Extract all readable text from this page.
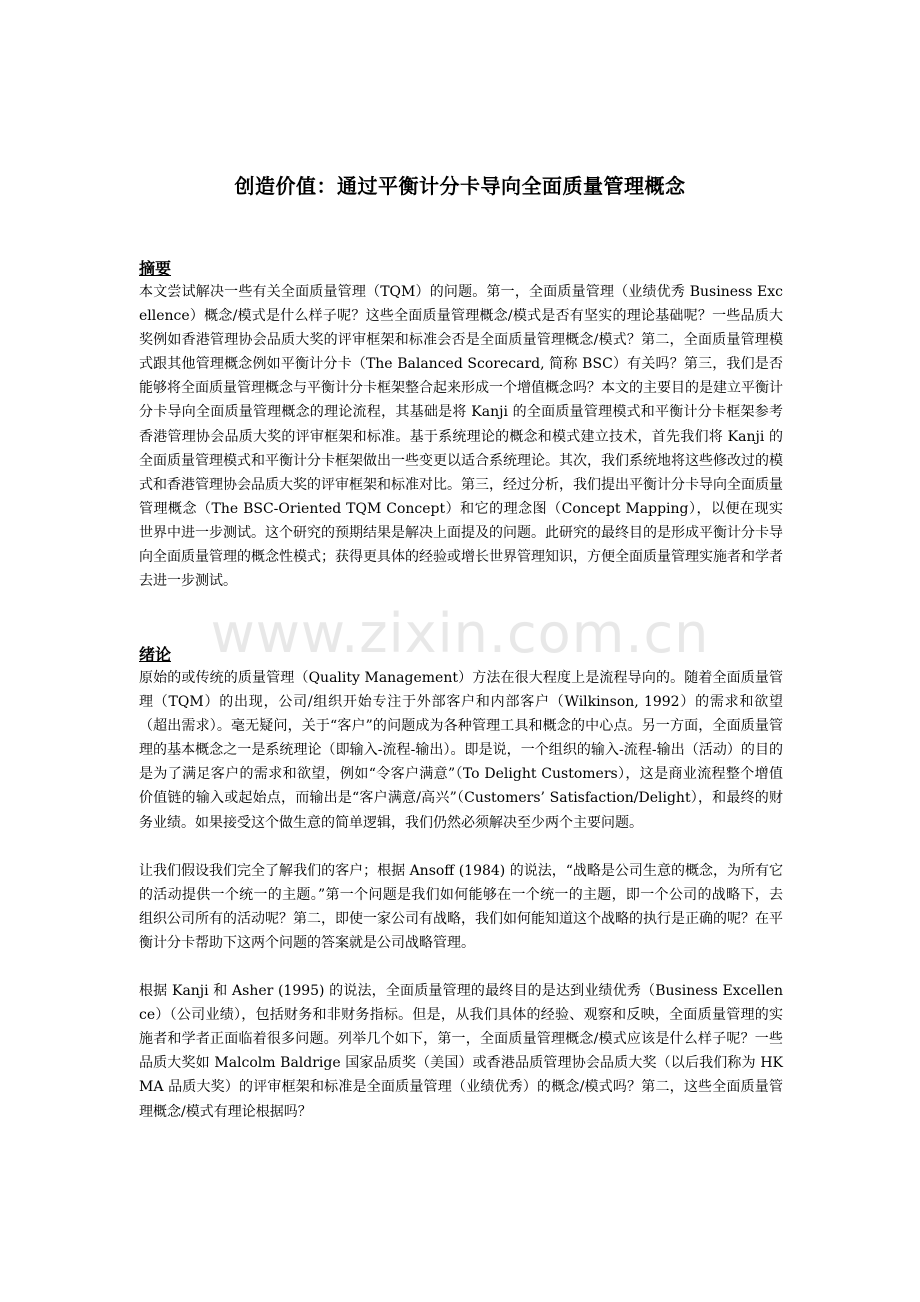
创造价值：通过平衡计分卡导向全面质量管理概念
摘要

本文尝试解决一些有关全面质量管理（TQM）的问题。第一，全面质量管理（业绩优秀 Business Excellence）概念/模式是什么样子呢？这些全面质量管理概念/模式是否有坚实的理论基础呢？一些品质大奖例如香港管理协会品质大奖的评审框架和标准会否是全面质量管理概念/模式？第二，全面质量管理模式跟其他管理概念例如平衡计分卡（The Balanced Scorecard, 简称 BSC）有关吗？第三，我们是否能够将全面质量管理概念与平衡计分卡框架整合起来形成一个增值概念吗？本文的主要目的是建立平衡计分卡导向全面质量管理概念的理论流程，其基础是将 Kanji 的全面质量管理模式和平衡计分卡框架参考香港管理协会品质大奖的评审框架和标准。基于系统理论的概念和模式建立技术，首先我们将 Kanji 的全面质量管理模式和平衡计分卡框架做出一些变更以适合系统理论。其次，我们系统地将这些修改过的模式和香港管理协会品质大奖的评审框架和标准对比。第三，经过分析，我们提出平衡计分卡导向全面质量管理概念（The BSC-Oriented TQM Concept）和它的理念图（Concept Mapping），以便在现实世界中进一步测试。这个研究的预期结果是解决上面提及的问题。此研究的最终目的是形成平衡计分卡导向全面质量管理的概念性模式；获得更具体的经验或增长世界管理知识，方便全面质量管理实施者和学者去进一步测试。

www.zixin.com.cn
绪论

原始的或传统的质量管理（Quality Management）方法在很大程度上是流程导向的。随着全面质量管理（TQM）的出现，公司/组织开始专注于外部客户和内部客户（Wilkinson, 1992）的需求和欲望（超出需求）。毫无疑问，关于“客户”的问题成为各种管理工具和概念的中心点。另一方面，全面质量管理的基本概念之一是系统理论（即输入-流程-输出）。即是说，一个组织的输入-流程-输出（活动）的目的是为了满足客户的需求和欲望，例如“令客户满意”（To Delight Customers），这是商业流程整个增值价值链的输入或起始点，而输出是“客户满意/高兴”（Customers’ Satisfaction/Delight），和最终的财务业绩。如果接受这个做生意的简单逻辑，我们仍然必须解决至少两个主要问题。

让我们假设我们完全了解我们的客户；根据 Ansoff (1984) 的说法，“战略是公司生意的概念，为所有它的活动提供一个统一的主题。”第一个问题是我们如何能够在一个统一的主题，即一个公司的战略下，去组织公司所有的活动呢？第二，即使一家公司有战略，我们如何能知道这个战略的执行是正确的呢？在平衡计分卡帮助下这两个问题的答案就是公司战略管理。

根据 Kanji 和 Asher (1995) 的说法，全面质量管理的最终目的是达到业绩优秀（Business Excellence）（公司业绩），包括财务和非财务指标。但是，从我们具体的经验、观察和反映，全面质量管理的实施者和学者正面临着很多问题。列举几个如下，第一，全面质量管理概念/模式应该是什么样子呢？一些品质大奖如 Malcolm Baldrige 国家品质奖（美国）或香港品质管理协会品质大奖（以后我们称为 HKMA 品质大奖）的评审框架和标准是全面质量管理（业绩优秀）的概念/模式吗？第二，这些全面质量管理概念/模式有理论根据吗？
